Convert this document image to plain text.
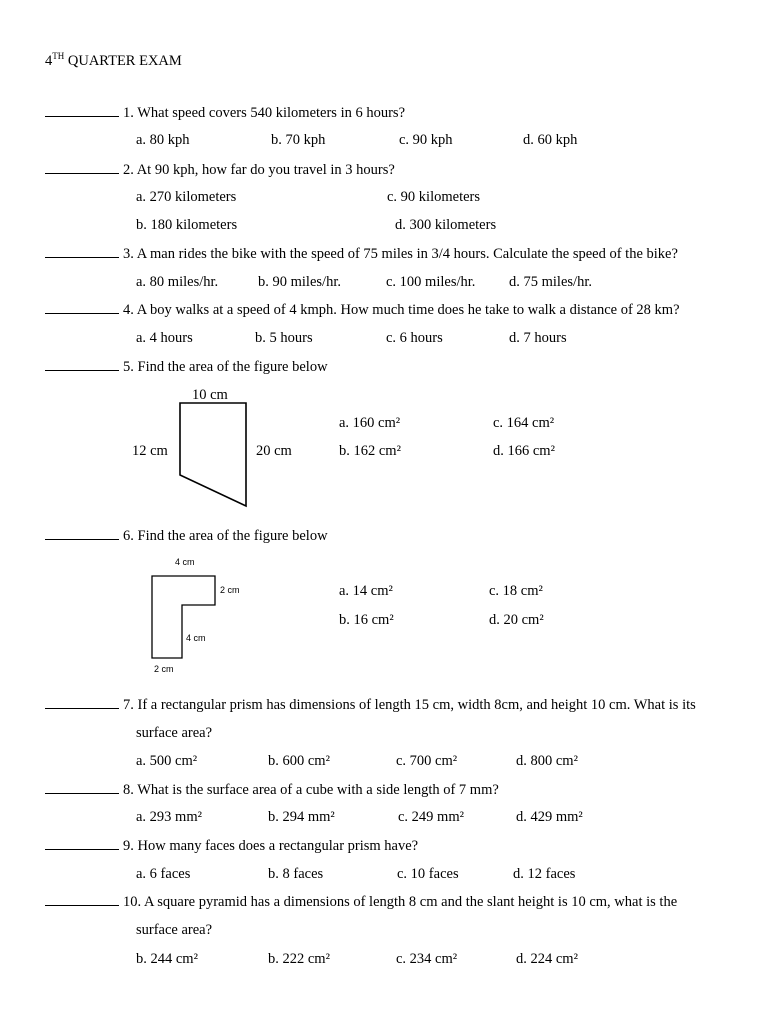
4TH QUARTER EXAM
1. What speed covers 540 kilometers in 6 hours?
a. 80 kph	b. 70 kph	c. 90 kph	d. 60 kph
2. At 90 kph, how far do you travel in 3 hours?
a. 270 kilometers	c. 90 kilometers
b. 180 kilometers	d. 300 kilometers
3. A man rides the bike with the speed of 75 miles in 3/4 hours. Calculate the speed of the bike?
a. 80 miles/hr.	b. 90 miles/hr.	c. 100 miles/hr. d. 75 miles/hr.
4. A boy walks at a speed of 4 kmph. How much time does he take to walk a distance of 28 km?
a. 4 hours	b. 5 hours	c. 6 hours	d. 7 hours
5. Find the area of the figure below
10 cm
12 cm	20 cm
a. 160 cm²	c. 164 cm²
b. 162 cm²	d. 166 cm²
6. Find the area of the figure below
4 cm
2 cm
4 cm
2 cm
a. 14 cm²	c. 18 cm²
b. 16 cm²	d. 20 cm²
7. If a rectangular prism has dimensions of length 15 cm, width 8cm, and height 10 cm. What is its
surface area?
a. 500 cm²	b. 600 cm²	c. 700 cm²	d. 800 cm²
8. What is the surface area of a cube with a side length of 7 mm?
a. 293 mm²	b. 294 mm²	c. 249 mm²	d. 429 mm²
9. How many faces does a rectangular prism have?
a. 6 faces	b. 8 faces	c. 10 faces	d. 12 faces
10. A square pyramid has a dimensions of length 8 cm and the slant height is 10 cm, what is the
surface area?
b. 244 cm²	b. 222 cm²	c. 234 cm²	d. 224 cm²
